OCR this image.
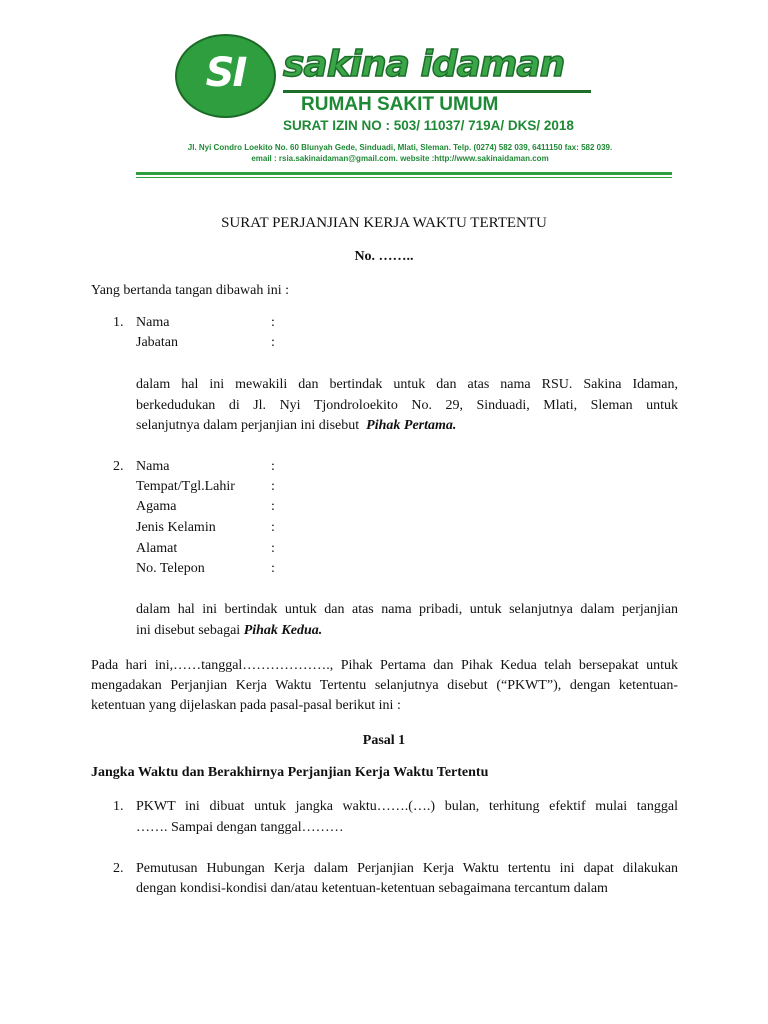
SI	sakina idaman
RUMAH SAKIT UMUM
SURAT IZIN NO : 503/ 11037/ 719A/ DKS/ 2018
Jl. Nyi Condro Loekito No. 60 Blunyah Gede, Sinduadi, Mlati, Sleman. Telp. (0274) 582 039, 6411150 fax: 582 039.
email : rsia.sakinaidaman@gmail.com. website :http://www.sakinaidaman.com
SURAT PERJANJIAN KERJA WAKTU TERTENTU
No. ……..
Yang bertanda tangan dibawah ini :
1. Nama	:
Jabatan	:
dalam hal ini mewakili dan bertindak untuk dan atas nama RSU. Sakina Idaman,
berkedudukan di Jl. Nyi Tjondroloekito No. 29, Sinduadi, Mlati, Sleman untuk
selanjutnya dalam perjanjian ini disebut Pihak Pertama.
2. Nama	:
Tempat/Tgl.Lahir	:
Agama	:
Jenis Kelamin	:
Alamat	:
No. Telepon	:
dalam hal ini bertindak untuk dan atas nama pribadi, untuk selanjutnya dalam perjanjian
ini disebut sebagai Pihak Kedua.
Pada hari ini,……tanggal………………., Pihak Pertama dan Pihak Kedua telah bersepakat untuk
mengadakan Perjanjian Kerja Waktu Tertentu selanjutnya disebut (“PKWT”), dengan ketentuan-
ketentuan yang dijelaskan pada pasal-pasal berikut ini :
Pasal 1
Jangka Waktu dan Berakhirnya Perjanjian Kerja Waktu Tertentu
1. PKWT ini dibuat untuk jangka waktu…….(….) bulan, terhitung efektif mulai tanggal
……. Sampai dengan tanggal………
2. Pemutusan Hubungan Kerja dalam Perjanjian Kerja Waktu tertentu ini dapat dilakukan
dengan kondisi-kondisi dan/atau ketentuan-ketentuan sebagaimana tercantum dalam
